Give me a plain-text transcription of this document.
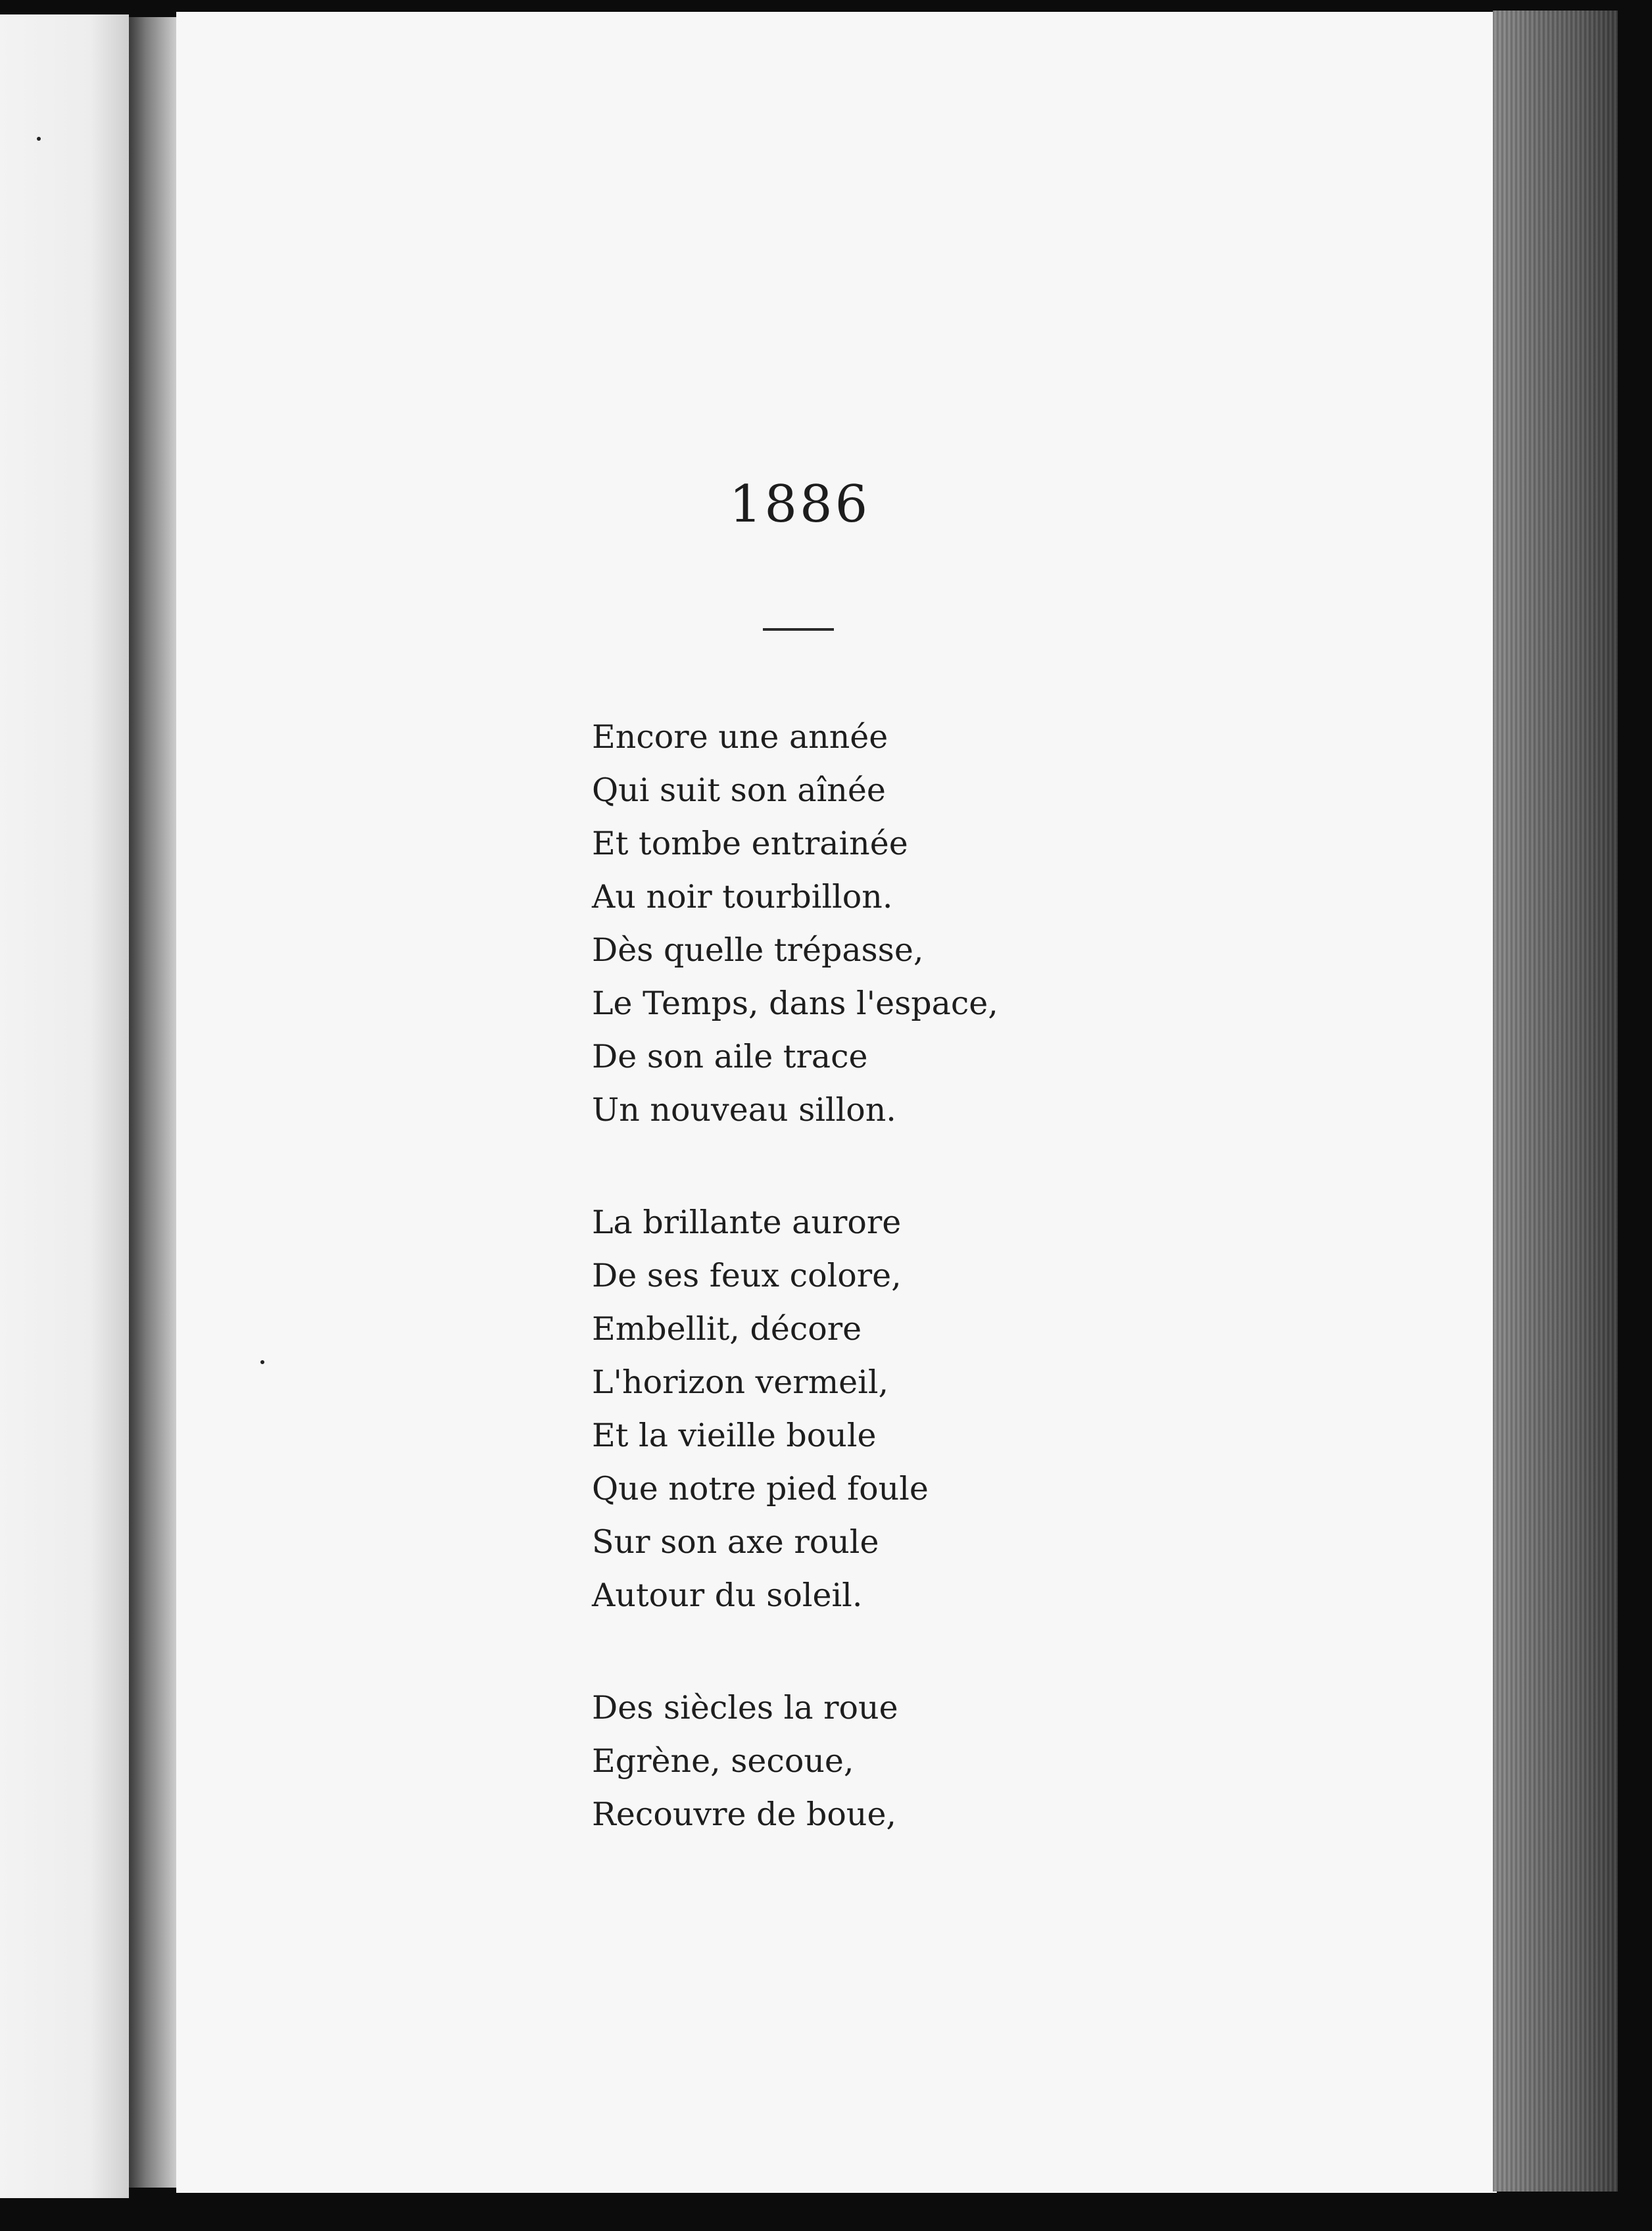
1886
Encore une année
Qui suit son aînée
Et tombe entrainée
Au noir tourbillon.
Dès quelle trépasse,
Le Temps, dans l'espace,
De son aile trace
Un nouveau sillon.
La brillante aurore
De ses feux colore,
Embellit, décore
L'horizon vermeil,
Et la vieille boule
Que notre pied foule
Sur son axe roule
Autour du soleil.
Des siècles la roue
Egrène, secoue,
Recouvre de boue,
